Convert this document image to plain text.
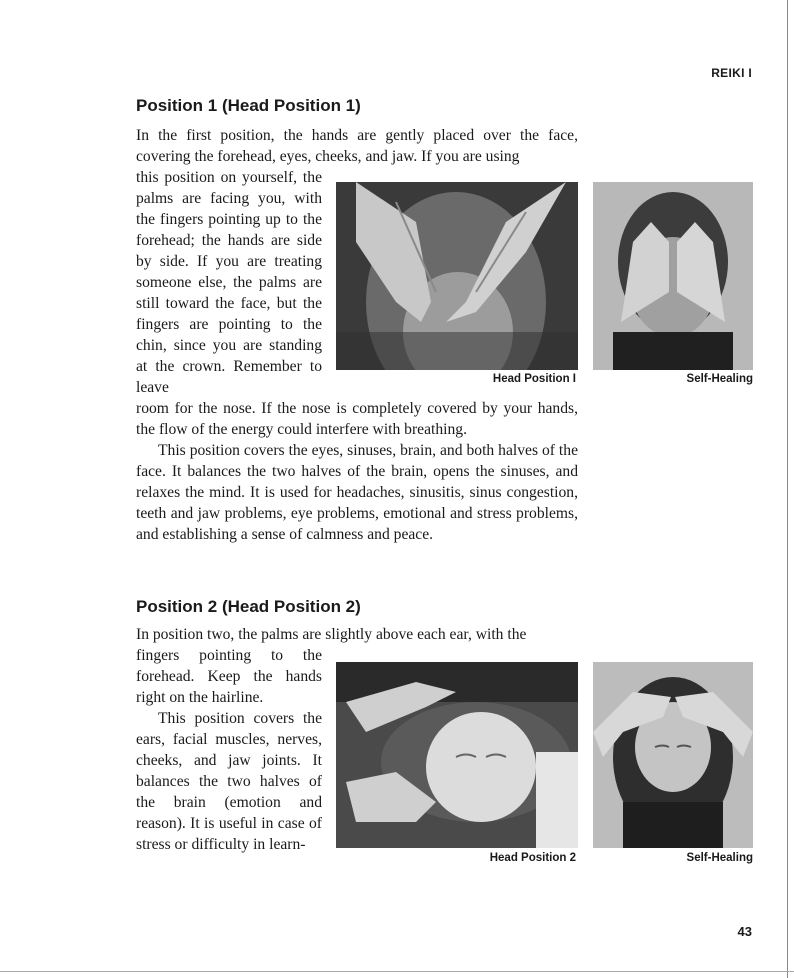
REIKI I
Position 1 (Head Position 1)

In the first position, the hands are gently placed over the face, covering the forehead, eyes, cheeks, and jaw. If you are using

this position on yourself, the palms are facing you, with the fingers pointing up to the forehead; the hands are side by side. If you are treating someone else, the palms are still toward the face, but the fingers are pointing to the chin, since you are standing at the crown. Remember to leave

room for the nose. If the nose is completely covered by your hands, the flow of the energy could interfere with breathing.

This position covers the eyes, sinuses, brain, and both halves of the face. It balances the two halves of the brain, opens the sinuses, and relaxes the mind. It is used for headaches, sinusitis, sinus congestion, teeth and jaw problems, eye problems, emotional and stress problems, and establishing a sense of calmness and peace.

Head Position I	Self-Healing
Position 2 (Head Position 2)

In position two, the palms are slightly above each ear, with the

fingers pointing to the forehead. Keep the hands right on the hairline.

This position covers the ears, facial muscles, nerves, cheeks, and jaw joints. It balances the two halves of the brain (emotion and reason). It is useful in case of stress or difficulty in learn-

Head Position 2	Self-Healing
43
